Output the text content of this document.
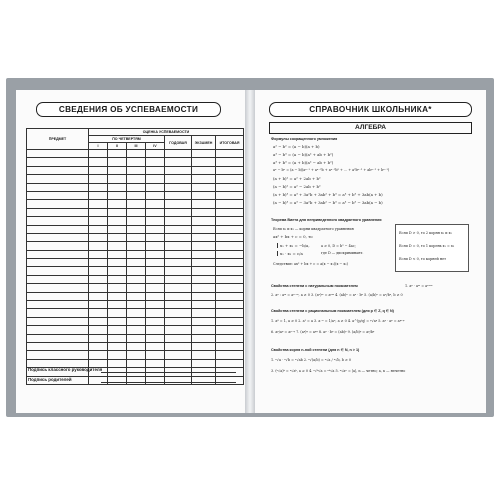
СВЕДЕНИЯ ОБ УСПЕВАЕМОСТИ
ПРЕДМЕТ	ОЦЕНКА УСПЕВАЕМОСТИ						
	ПО ЧЕТВЕРТЯМ				ГОДОВАЯ	ЭКЗАМЕН	ИТОГОВАЯ
	I	II	III	IV			

Подпись классного руководителя
Подпись родителей
СПРАВОЧНИК ШКОЛЬНИКА*
АЛГЕБРА
Формулы сокращенного умножения
a² − b² = (a − b)(a + b)
a³ − b³ = (a − b)(a² + ab + b²)
a³ + b³ = (a + b)(a² − ab + b²)
aⁿ − bⁿ = (a − b)(aⁿ⁻¹ + aⁿ⁻²b + aⁿ⁻³b² + ... + a²bⁿ⁻³ + abⁿ⁻² + bⁿ⁻¹)
(a + b)² = a² + 2ab + b²
(a − b)² = a² − 2ab + b²
(a + b)³ = a³ + 3a²b + 3ab² + b³ = a³ + b³ + 3ab(a + b)
(a − b)³ = a³ − 3a²b + 3ab² − b³ = a³ − b³ − 3ab(a − b)
Теорема Виета для неприведенного квадратного уравнения
Если x₁ и x₂ — корни квадратного уравнения
ax² + bx + c = 0, то
x₁ + x₂ = −b/a,
x₁ · x₂ = c/a
a ≠ 0, D = b² − 4ac;
где D — дискриминант.
Следствие: ax² + bx + c = a(x − x₁)(x − x₂)
Если D > 0, то 2 корня x₁ и x₂
Если D = 0, то 1 корень x₁ = x₂
Если D < 0, то корней нет
Свойства степени с натуральным показателем	1. aⁿ · aᵐ = aⁿ⁺ᵐ
2. aⁿ : aᵐ = aⁿ⁻ᵐ, a ≠ 0 3. (aⁿ)ᵐ = aⁿᵐ 4. (ab)ⁿ = aⁿ · bⁿ 5. (a/b)ⁿ = aⁿ/bⁿ, b ≠ 0
Свойства степени с рациональным показателем (для p ∈ Z, q ∈ N)
1. a⁰ = 1, a ≠ 0 2. a¹ = a 3. a⁻ⁿ = 1/aⁿ, a ≠ 0 4. a^(p/q) = ᵠ√aᵖ 5. aᵖ · aᵠ = aᵖ⁺ᵠ
6. aᵖ/aᵠ = aᵖ⁻ᵠ 7. (aᵖ)ᵠ = aᵖᵠ 8. aᵖ · bᵖ = (ab)ᵖ 9. (a/b)ᵖ = aᵖ/bᵖ
Свойства корня n-ной степени (для n ∈ N, n > 1)
1. ⁿ√a · ⁿ√b = ⁿ√ab 2. ⁿ√(a/b) = ⁿ√a / ⁿ√b, b ≠ 0
3. (ⁿ√a)ᵏ = ⁿ√aᵏ, a ≥ 0 4. ⁿ√ᵏ√a = ⁿᵏ√a 5. ⁿ√aⁿ = |a|, n — четно; a, n — нечетно
